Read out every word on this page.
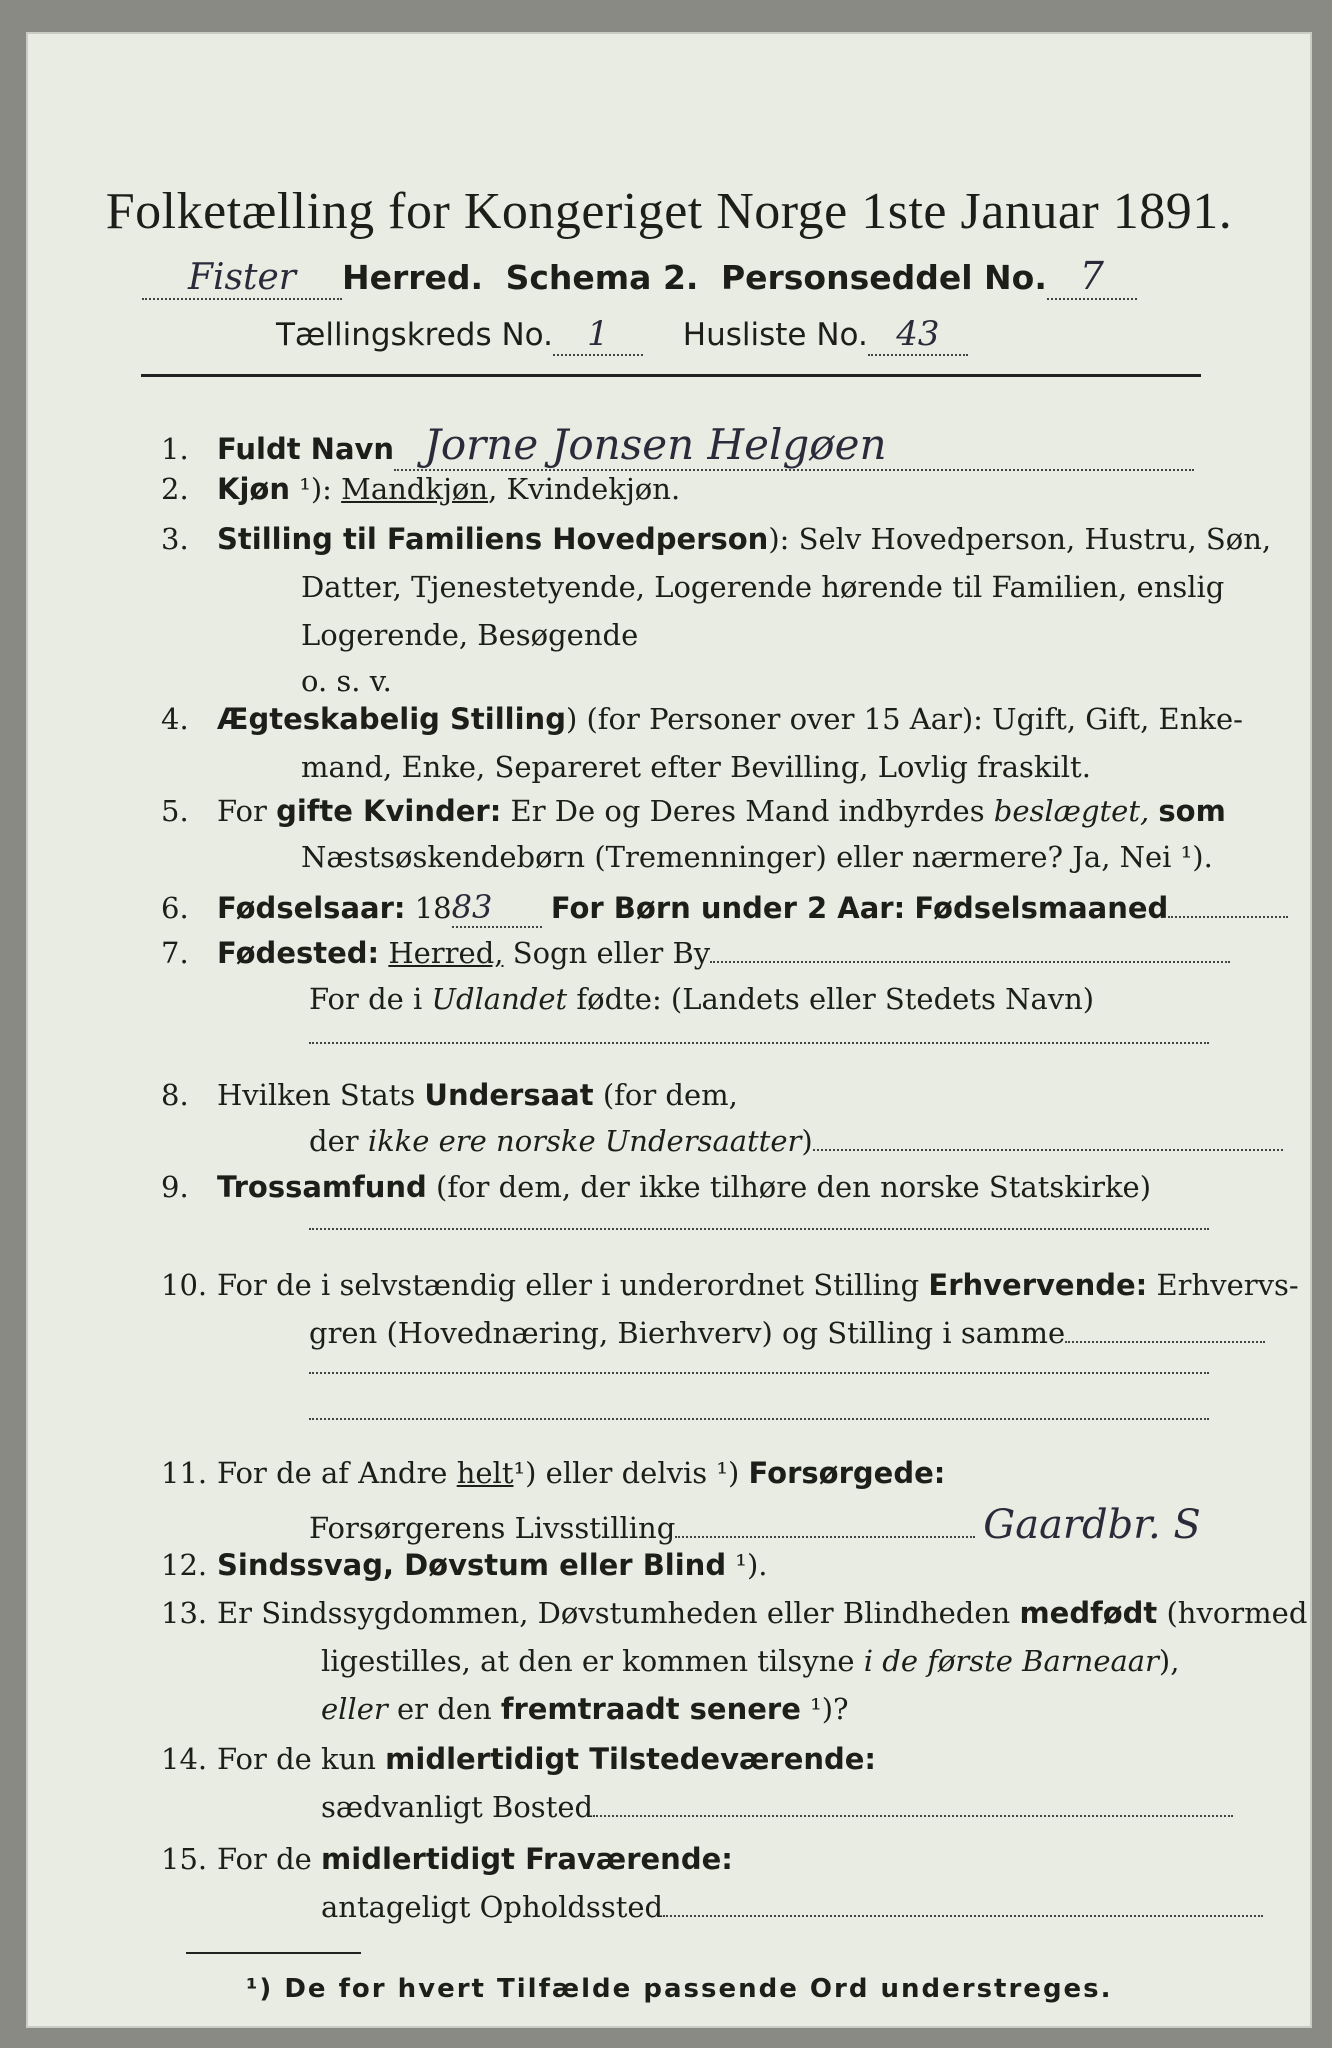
Folketælling for Kongeriget Norge 1ste Januar 1891.
Fister Herred. Schema 2. Personseddel No. 7
Tællingskreds No. 1 Husliste No. 43
1. Fuldt Navn Jorne Jonsen Helgøen
2. Kjøn ¹): Mandkjøn, Kvindekjøn.
3. Stilling til Familiens Hovedperson): Selv Hovedperson, Hustru, Søn,
Datter, Tjenestetyende, Logerende hørende til Familien, enslig
Logerende, Besøgende
o. s. v.
4. Ægteskabelig Stilling) (for Personer over 15 Aar): Ugift, Gift, Enke-
mand, Enke, Separeret efter Bevilling, Lovlig fraskilt.
5. For gifte Kvinder: Er De og Deres Mand indbyrdes beslægtet, som
Næstsøskendebørn (Tremenninger) eller nærmere? Ja, Nei ¹).
6. Fødselsaar: 1883 For Børn under 2 Aar: Fødselsmaaned
7. Fødested: Herred, Sogn eller By
For de i Udlandet fødte: (Landets eller Stedets Navn)
8. Hvilken Stats Undersaat (for dem,
der ikke ere norske Undersaatter)
9. Trossamfund (for dem, der ikke tilhøre den norske Statskirke)
10. For de i selvstændig eller i underordnet Stilling Erhvervende: Erhvervs-
gren (Hovednæring, Bierhverv) og Stilling i samme
11. For de af Andre helt¹) eller delvis ¹) Forsørgede:
Forsørgerens Livsstilling	Gaardbr. S
12. Sindssvag, Døvstum eller Blind ¹).
13. Er Sindssygdommen, Døvstumheden eller Blindheden medfødt (hvormed
ligestilles, at den er kommen tilsyne i de første Barneaar),
eller er den fremtraadt senere ¹)?
14. For de kun midlertidigt Tilstedeværende:
sædvanligt Bosted
15. For de midlertidigt Fraværende:
antageligt Opholdssted
¹) De for hvert Tilfælde passende Ord understreges.
